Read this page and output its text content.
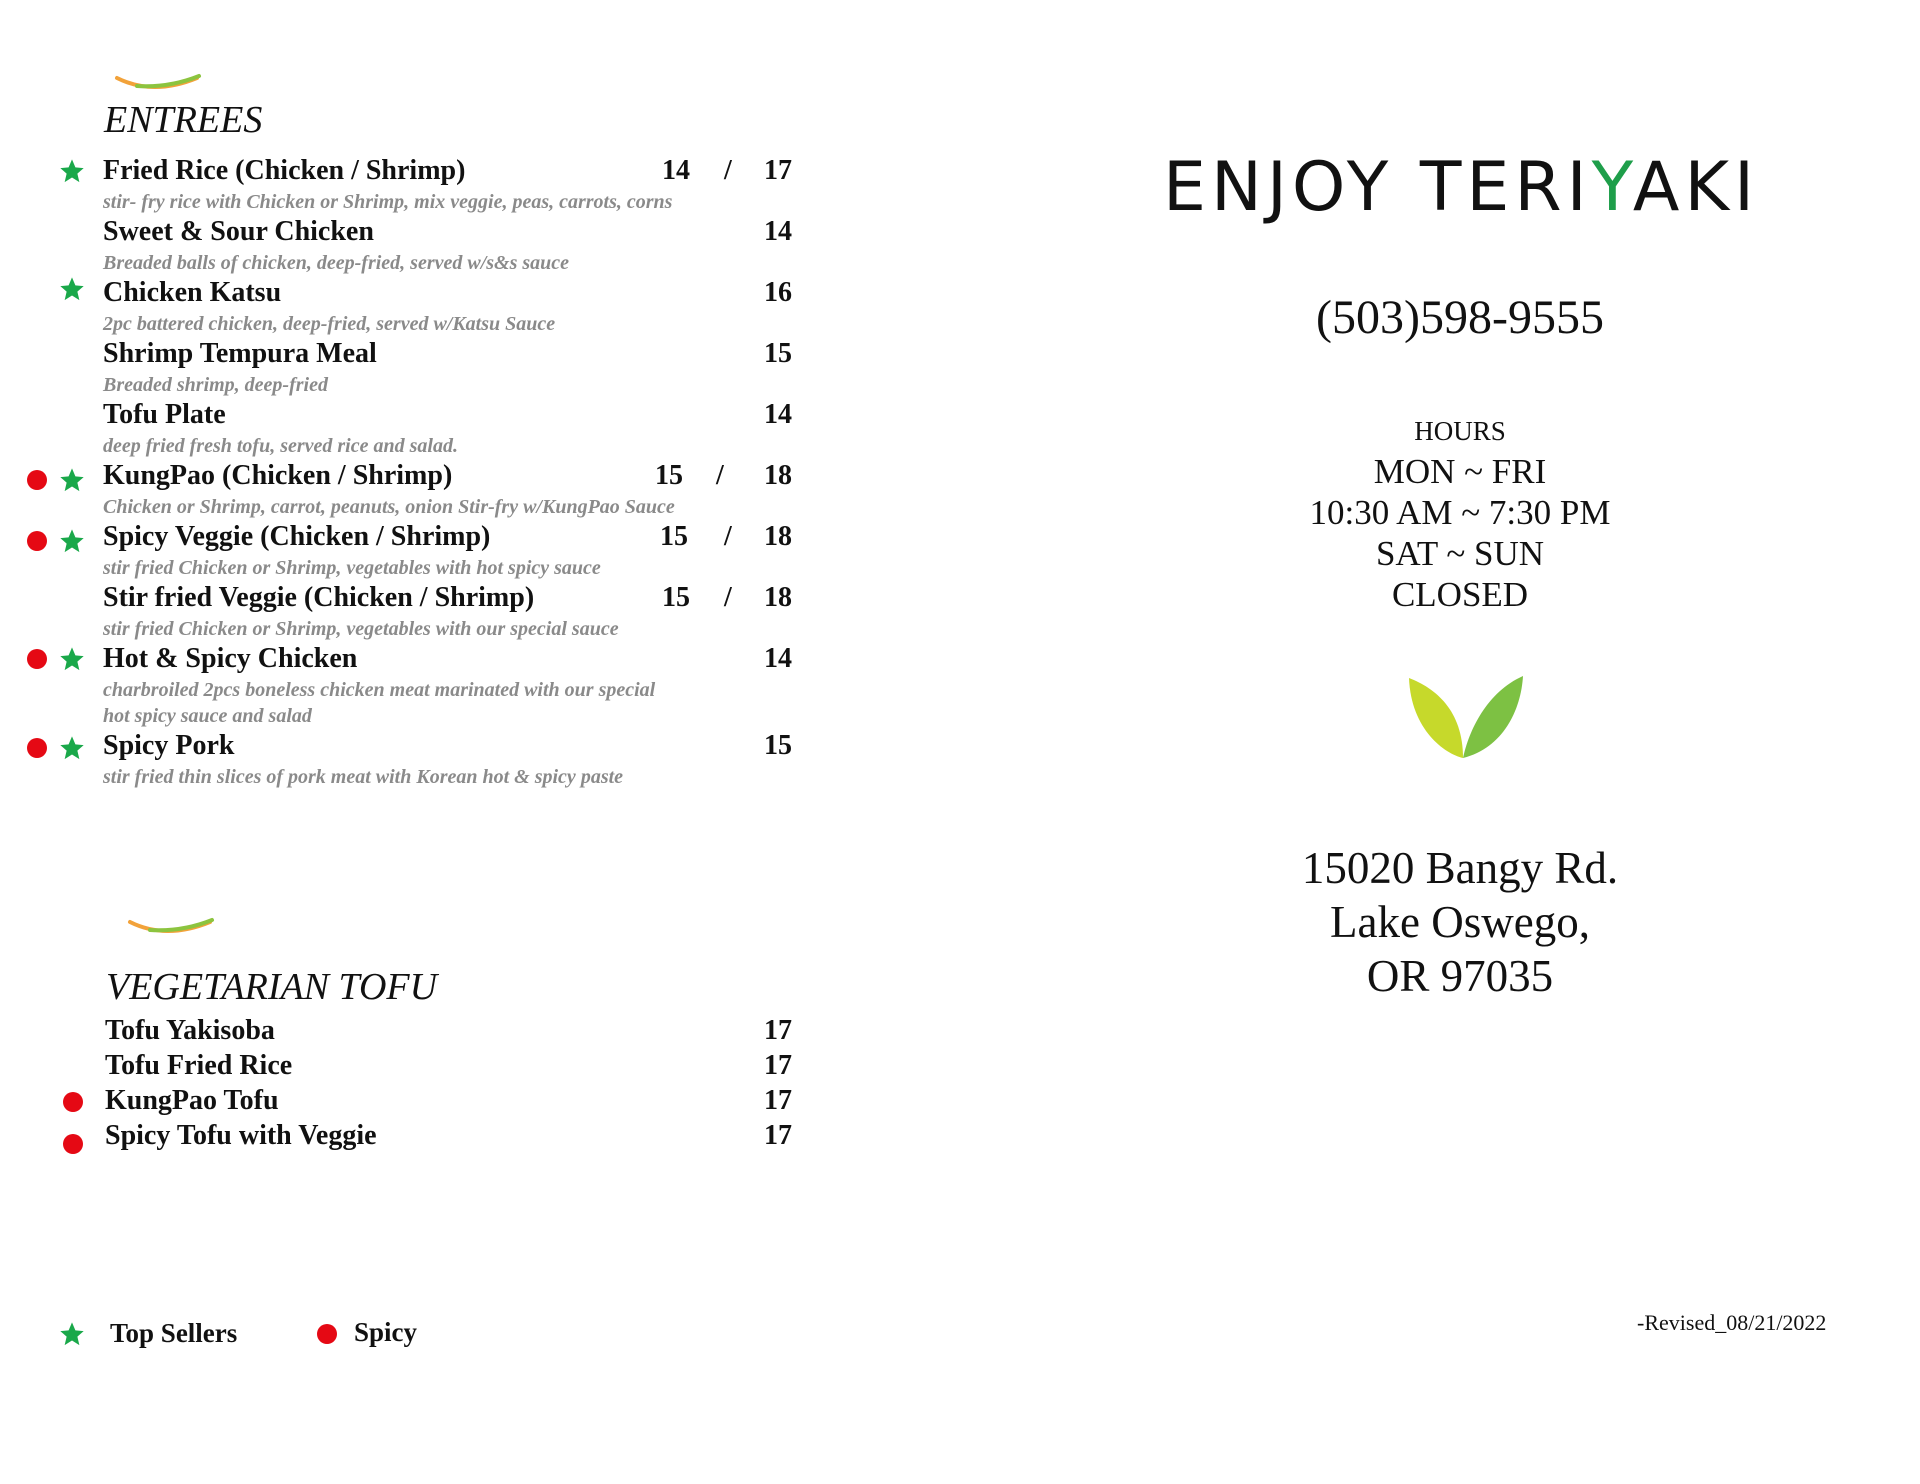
ENTREES
Fried Rice (Chicken / Shrimp)	14 /	17
stir- fry rice with Chicken or Shrimp, mix veggie, peas, carrots, corns
Sweet & Sour Chicken	14
Breaded balls of chicken, deep-fried, served w/s&s sauce
Chicken Katsu	16
2pc battered chicken, deep-fried, served w/Katsu Sauce
Shrimp Tempura Meal	15
Breaded shrimp, deep-fried
Tofu Plate	14
deep fried fresh tofu, served rice and salad.
KungPao (Chicken / Shrimp)	15 /	18
Chicken or Shrimp, carrot, peanuts, onion Stir-fry w/KungPao Sauce
Spicy Veggie (Chicken / Shrimp)	15 /	18
stir fried Chicken or Shrimp, vegetables with hot spicy sauce
Stir fried Veggie (Chicken / Shrimp)	15 /	18
stir fried Chicken or Shrimp, vegetables with our special sauce
Hot & Spicy Chicken	14
charbroiled 2pcs boneless chicken meat marinated with our special
hot spicy sauce and salad
Spicy Pork	15
stir fried thin slices of pork meat with Korean hot & spicy paste
VEGETARIAN TOFU
Tofu Yakisoba	17
Tofu Fried Rice	17
KungPao Tofu	17
Spicy Tofu with Veggie	17
Top Sellers	Spicy
ENJOY TERIYAKI
(503)598-9555
HOURS
MON ~ FRI
10:30 AM ~ 7:30 PM
SAT ~ SUN
CLOSED
15020 Bangy Rd.
Lake Oswego,
OR 97035
-Revised_08/21/2022
